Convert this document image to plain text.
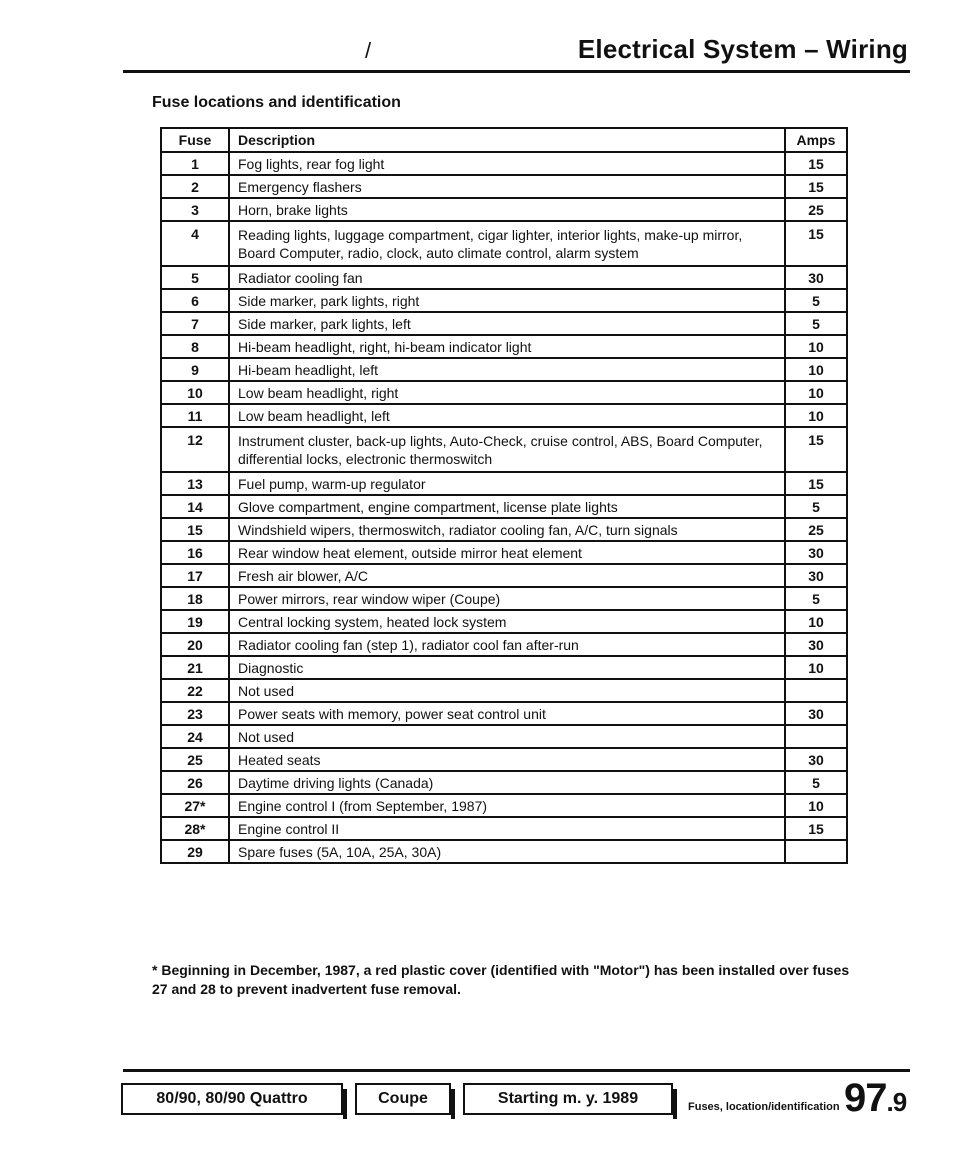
/	Electrical System – Wiring
Fuse locations and identification
Fuse	Description	Amps
1	Fog lights, rear fog light	15
2	Emergency flashers	15
3	Horn, brake lights	25
4	Reading lights, luggage compartment, cigar lighter, interior lights, make-up mirror, Board Computer, radio, clock, auto climate control, alarm system	15
5	Radiator cooling fan	30
6	Side marker, park lights, right	5
7	Side marker, park lights, left	5
8	Hi-beam headlight, right, hi-beam indicator light	10
9	Hi-beam headlight, left	10
10	Low beam headlight, right	10
11	Low beam headlight, left	10
12	Instrument cluster, back-up lights, Auto-Check, cruise control, ABS, Board Computer, differential locks, electronic thermoswitch	15
13	Fuel pump, warm-up regulator	15
14	Glove compartment, engine compartment, license plate lights	5
15	Windshield wipers, thermoswitch, radiator cooling fan, A/C, turn signals	25
16	Rear window heat element, outside mirror heat element	30
17	Fresh air blower, A/C	30
18	Power mirrors, rear window wiper (Coupe)	5
19	Central locking system, heated lock system	10
20	Radiator cooling fan (step 1), radiator cool fan after-run	30
21	Diagnostic	10
22	Not used	
23	Power seats with memory, power seat control unit	30
24	Not used	
25	Heated seats	30
26	Daytime driving lights (Canada)	5
27*	Engine control I (from September, 1987)	10
28*	Engine control II	15
29	Spare fuses (5A, 10A, 25A, 30A)	
* Beginning in December, 1987, a red plastic cover (identified with "Motor") has been installed over fuses 27 and 28 to prevent inadvertent fuse removal.
80/90, 80/90 Quattro	Coupe	Starting m. y. 1989	Fuses, location/identification 97.9
